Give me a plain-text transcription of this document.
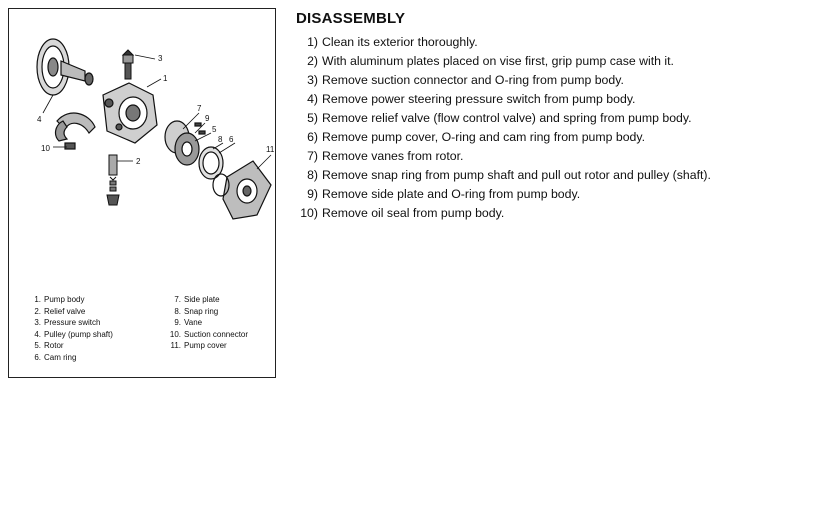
3
1
2
4
10
7
9
5
8 6
11
1. Pump body
2. Relief valve
3. Pressure switch
4. Pulley (pump shaft)
5. Rotor
6. Cam ring
7. Side plate
8. Snap ring
9. Vane
10. Suction connector
11. Pump cover
DISASSEMBLY
1) Clean its exterior thoroughly.
2) With aluminum plates placed on vise first, grip pump case with it.
3) Remove suction connector and O-ring from pump body.
4) Remove power steering pressure switch from pump body.
5) Remove relief valve (flow control valve) and spring from pump body.
6) Remove pump cover, O-ring and cam ring from pump body.
7) Remove vanes from rotor.
8) Remove snap ring from pump shaft and pull out rotor and pulley (shaft).
9) Remove side plate and O-ring from pump body.
10) Remove oil seal from pump body.
